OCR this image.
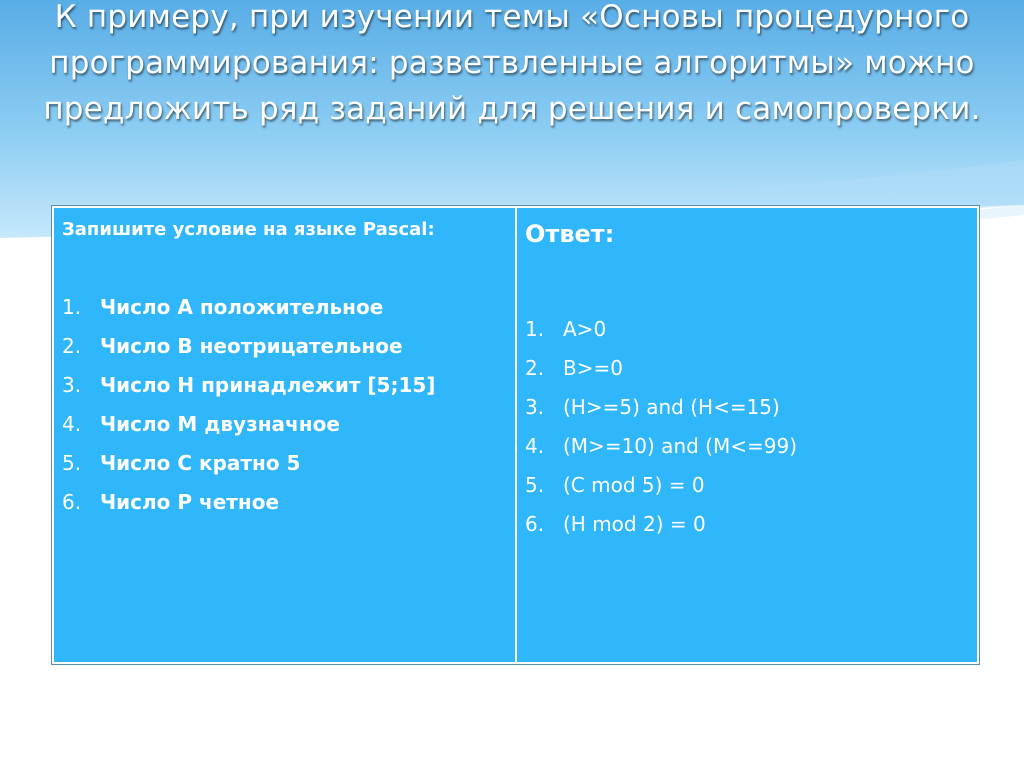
К примеру, при изучении темы «Основы процедурного программирования: разветвленные алгоритмы» можно предложить ряд заданий для решения и самопроверки.
Запишите условие на языке Pascal:
1. Число А положительное
2. Число В неотрицательное
3. Число Н принадлежит [5;15]
4. Число М двузначное
5. Число С кратно 5
6. Число Р четное
Ответ:
1. A>0
2. B>=0
3. (H>=5) and (H<=15)
4. (M>=10) and (M<=99)
5. (C mod 5) = 0
6. (H mod 2) = 0
